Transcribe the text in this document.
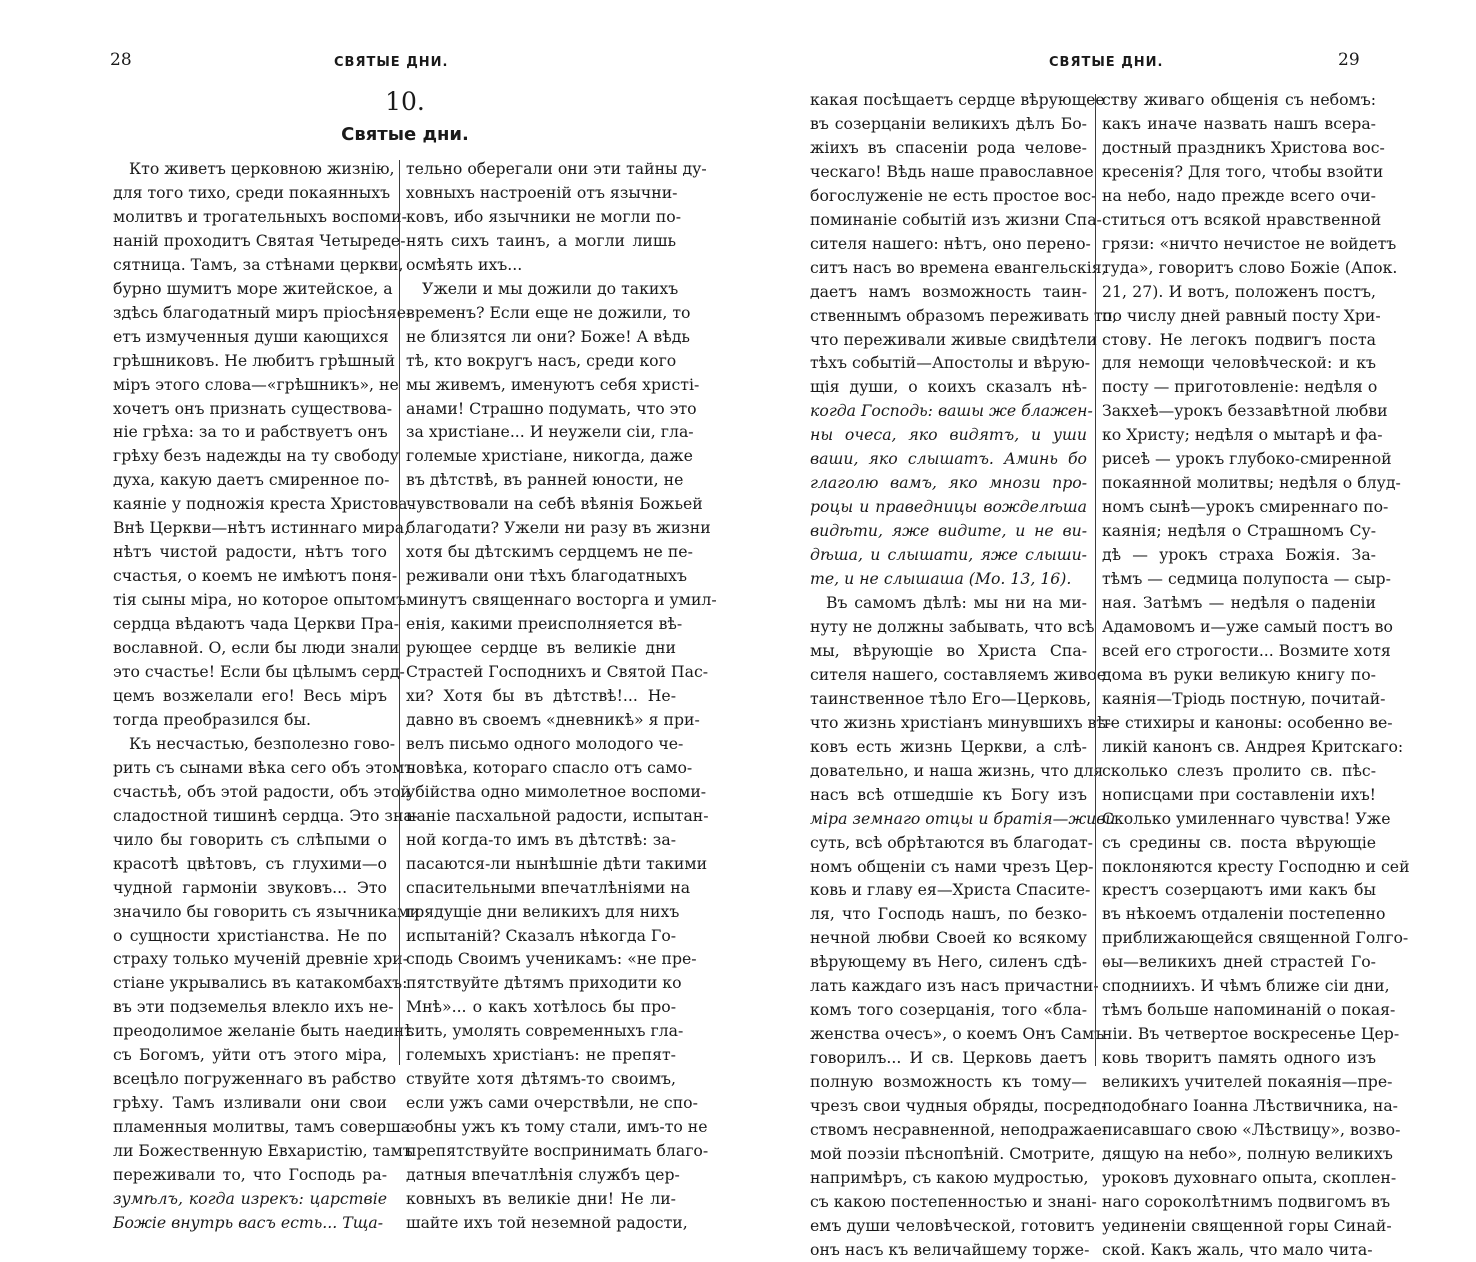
28	СВЯТЫЕ ДНИ.
10.
Святые дни.
Кто живетъ церковною жизнію,
для того тихо, среди покаянныхъ
молитвъ и трогательныхъ воспоми-
наній проходитъ Святая Четыреде-
сятница. Тамъ, за стѣнами церкви,
бурно шумитъ море житейское, а
здѣсь благодатный миръ пріосѣняе-
етъ измученныя души кающихся
грѣшниковъ. Не любитъ грѣшный
міръ этого слова—«грѣшникъ», не
хочетъ онъ признать существова-
ніе грѣха: за то и рабствуетъ онъ
грѣху безъ надежды на ту свободу
духа, какую даетъ смиренное по-
каяніе у подножія креста Христова.
Внѣ Церкви—нѣтъ истиннаго мира,
нѣтъ чистой радости, нѣтъ того
счастья, о коемъ не имѣютъ поня-
тія сыны міра, но которое опытомъ
сердца вѣдаютъ чада Церкви Пра-
вославной. О, если бы люди знали
это счастье! Если бы цѣлымъ серд-
цемъ возжелали его! Весь міръ
тогда преобразился бы.
Къ несчастью, безполезно гово-
рить съ сынами вѣка сего объ этомъ
счастьѣ, объ этой радости, объ этой
сладостной тишинѣ сердца. Это зна-
чило бы говорить съ слѣпыми о
красотѣ цвѣтовъ, съ глухими—о
чудной гармоніи звуковъ... Это
значило бы говорить съ язычниками
о сущности христіанства. Не по
страху только мученій древніе хри-
стіане укрывались въ катакомбахъ:
въ эти подземелья влекло ихъ не-
преодолимое желаніе быть наединѣ
съ Богомъ, уйти отъ этого міра,
всецѣло погруженнаго въ рабство
грѣху. Тамъ изливали они свои
пламенныя молитвы, тамъ соверша-
ли Божественную Евхаристію, тамъ
переживали то, что Господь ра-
зумѣлъ, когда изрекъ: царствіе
Божіе внутрь васъ есть... Тща-
тельно оберегали они эти тайны ду-
ховныхъ настроеній отъ язычни-
ковъ, ибо язычники не могли по-
нять сихъ таинъ, а могли лишь
осмѣять ихъ...
Ужели и мы дожили до такихъ
временъ? Если еще не дожили, то
не близятся ли они? Боже! А вѣдь
тѣ, кто вокругъ насъ, среди кого
мы живемъ, именуютъ себя христі-
анами! Страшно подумать, что это
за христіане... И неужели сіи, гла-
големые христіане, никогда, даже
въ дѣтствѣ, въ ранней юности, не
чувствовали на себѣ вѣянія Божьей
благодати? Ужели ни разу въ жизни
хотя бы дѣтскимъ сердцемъ не пе-
реживали они тѣхъ благодатныхъ
минутъ священнаго восторга и умил-
енія, какими преисполняется вѣ-
рующее сердце въ великіе дни
Страстей Господнихъ и Святой Пас-
хи? Хотя бы въ дѣтствѣ!... Не-
давно въ своемъ «дневникѣ» я при-
велъ письмо одного молодого че-
ловѣка, котораго спасло отъ само-
убійства одно мимолетное воспоми-
наніе пасхальной радости, испытан-
ной когда-то имъ въ дѣтствѣ: за-
пасаются-ли нынѣшніе дѣти такими
спасительными впечатлѣніями на
грядущіе дни великихъ для нихъ
испытаній? Сказалъ нѣкогда Го-
сподь Своимъ ученикамъ: «не пре-
пятствуйте дѣтямъ приходити ко
Мнѣ»... о какъ хотѣлось бы про-
сить, умолять современныхъ гла-
големыхъ христіанъ: не препят-
ствуйте хотя дѣтямъ-то своимъ,
если ужъ сами очерствѣли, не спо-
собны ужъ къ тому стали, имъ-то не
препятствуйте воспринимать благо-
датныя впечатлѣнія службъ цер-
ковныхъ въ великіе дни! Не ли-
шайте ихъ той неземной радости,
СВЯТЫЕ ДНИ.	29
какая посѣщаетъ сердце вѣрующее
въ созерцаніи великихъ дѣлъ Бо-
жіихъ въ спасеніи рода челове-
ческаго! Вѣдь наше православное
богослуженіе не есть простое вос-
поминаніе событій изъ жизни Спа-
сителя нашего: нѣтъ, оно перено-
ситъ насъ во времена евангельскія,
даетъ намъ возможность таин-
ственнымъ образомъ переживать то,
что переживали живые свидѣтели
тѣхъ событій—Апостолы и вѣрую-
щія души, о коихъ сказалъ нѣ-
когда Господь: вашы же блажен-
ны очеса, яко видятъ, и уши
ваши, яко слышатъ. Аминь бо
глаголю вамъ, яко мнози про-
роцы и праведницы вожделѣша
видѣти, яже видите, и не ви-
дѣша, и слышати, яже слыши-
те, и не слышаша (Мо. 13, 16).
Въ самомъ дѣлѣ: мы ни на ми-
нуту не должны забывать, что всѣ
мы, вѣрующіе во Христа Спа-
сителя нашего, составляемъ живое
таинственное тѣло Его—Церковь,
что жизнь христіанъ минувшихъ вѣ-
ковъ есть жизнь Церкви, а слѣ-
довательно, и наша жизнь, что для
насъ всѣ отшедшіе къ Богу изъ
міра земнаго отцы и братія—живи
суть, всѣ обрѣтаются въ благодат-
номъ общеніи съ нами чрезъ Цер-
ковь и главу ея—Христа Спасите-
ля, что Господь нашъ, по безко-
нечной любви Своей ко всякому
вѣрующему въ Него, силенъ сдѣ-
лать каждаго изъ насъ причастни-
комъ того созерцанія, того «бла-
женства очесъ», о коемъ Онъ Самъ
говорилъ... И св. Церковь даетъ
полную возможность къ тому—
чрезъ свои чудныя обряды, посред-
ствомъ несравненной, неподражае-
мой поэзіи пѣснопѣній. Смотрите,
напримѣръ, съ какою мудростью,
съ какою постепенностью и знані-
емъ души человѣческой, готовитъ
онъ насъ къ величайшему торже-
ству живаго общенія съ небомъ:
какъ иначе назвать нашъ всера-
достный праздникъ Христова вос-
кресенія? Для того, чтобы взойти
на небо, надо прежде всего очи-
ститься отъ всякой нравственной
грязи: «ничто нечистое не войдетъ
туда», говоритъ слово Божіе (Апок.
21, 27). И вотъ, положенъ постъ,
по числу дней равный посту Хри-
стову. Не легокъ подвигъ поста
для немощи человѣческой: и къ
посту — приготовленіе: недѣля о
Закхеѣ—урокъ беззавѣтной любви
ко Христу; недѣля о мытарѣ и фа-
рисеѣ — урокъ глубоко-смиренной
покаянной молитвы; недѣля о блуд-
номъ сынѣ—урокъ смиреннаго по-
каянія; недѣля о Страшномъ Су-
дѣ — урокъ страха Божія. За-
тѣмъ — седмица полупоста — сыр-
ная. Затѣмъ — недѣля о паденіи
Адамовомъ и—уже самый постъ во
всей его строгости... Возмите хотя
дома въ руки великую книгу по-
каянія—Тріодь постную, почитай-
те стихиры и каноны: особенно ве-
ликій канонъ св. Андрея Критскаго:
сколько слезъ пролито св. пѣс-
нописцами при составленіи ихъ!
Сколько умиленнаго чувства! Уже
съ средины св. поста вѣрующіе
поклоняются кресту Господню и сей
крестъ созерцаютъ ими какъ бы
въ нѣкоемъ отдаленіи постепенно
приближающейся священной Голго-
ѳы—великихъ дней страстей Го-
сподниихъ. И чѣмъ ближе сіи дни,
тѣмъ больше напоминаній о покая-
ніи. Въ четвертое воскресенье Цер-
ковь творитъ память одного изъ
великихъ учителей покаянія—пре-
подобнаго Іоанна Лѣствичника, на-
писавшаго свою «Лѣствицу», возво-
дящую на небо», полную великихъ
уроковъ духовнаго опыта, скоплен-
наго сороколѣтнимъ подвигомъ въ
уединеніи священной горы Синай-
ской. Какъ жаль, что мало чита-
